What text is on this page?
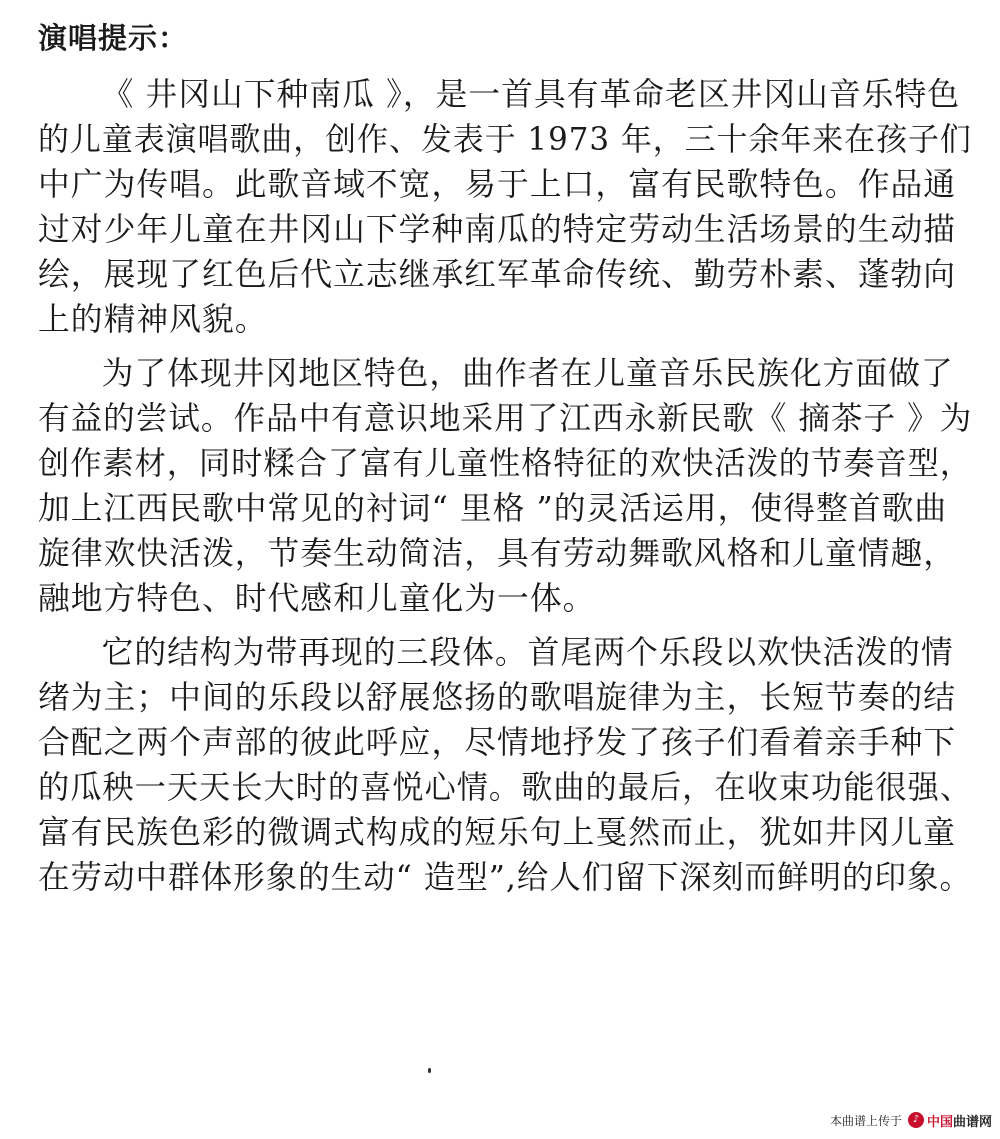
演唱提示：
《 井冈山下种南瓜 》，是一首具有革命老区井冈山音乐特色
的儿童表演唱歌曲，创作、发表于 1973 年，三十余年来在孩子们
中广为传唱。此歌音域不宽，易于上口，富有民歌特色。作品通
过对少年儿童在井冈山下学种南瓜的特定劳动生活场景的生动描
绘，展现了红色后代立志继承红军革命传统、勤劳朴素、蓬勃向
上的精神风貌。
为了体现井冈地区特色，曲作者在儿童音乐民族化方面做了
有益的尝试。作品中有意识地采用了江西永新民歌《 摘茶子 》为
创作素材，同时糅合了富有儿童性格特征的欢快活泼的节奏音型，
加上江西民歌中常见的衬词“ 里格 ”的灵活运用，使得整首歌曲
旋律欢快活泼，节奏生动简洁，具有劳动舞歌风格和儿童情趣，
融地方特色、时代感和儿童化为一体。
它的结构为带再现的三段体。首尾两个乐段以欢快活泼的情
绪为主；中间的乐段以舒展悠扬的歌唱旋律为主，长短节奏的结
合配之两个声部的彼此呼应，尽情地抒发了孩子们看着亲手种下
的瓜秧一天天长大时的喜悦心情。歌曲的最后，在收束功能很强、
富有民族色彩的微调式构成的短乐句上戛然而止，犹如井冈儿童
在劳动中群体形象的生动“ 造型”,给人们留下深刻而鲜明的印象。
本曲谱上传于	♪ 中国曲谱网
